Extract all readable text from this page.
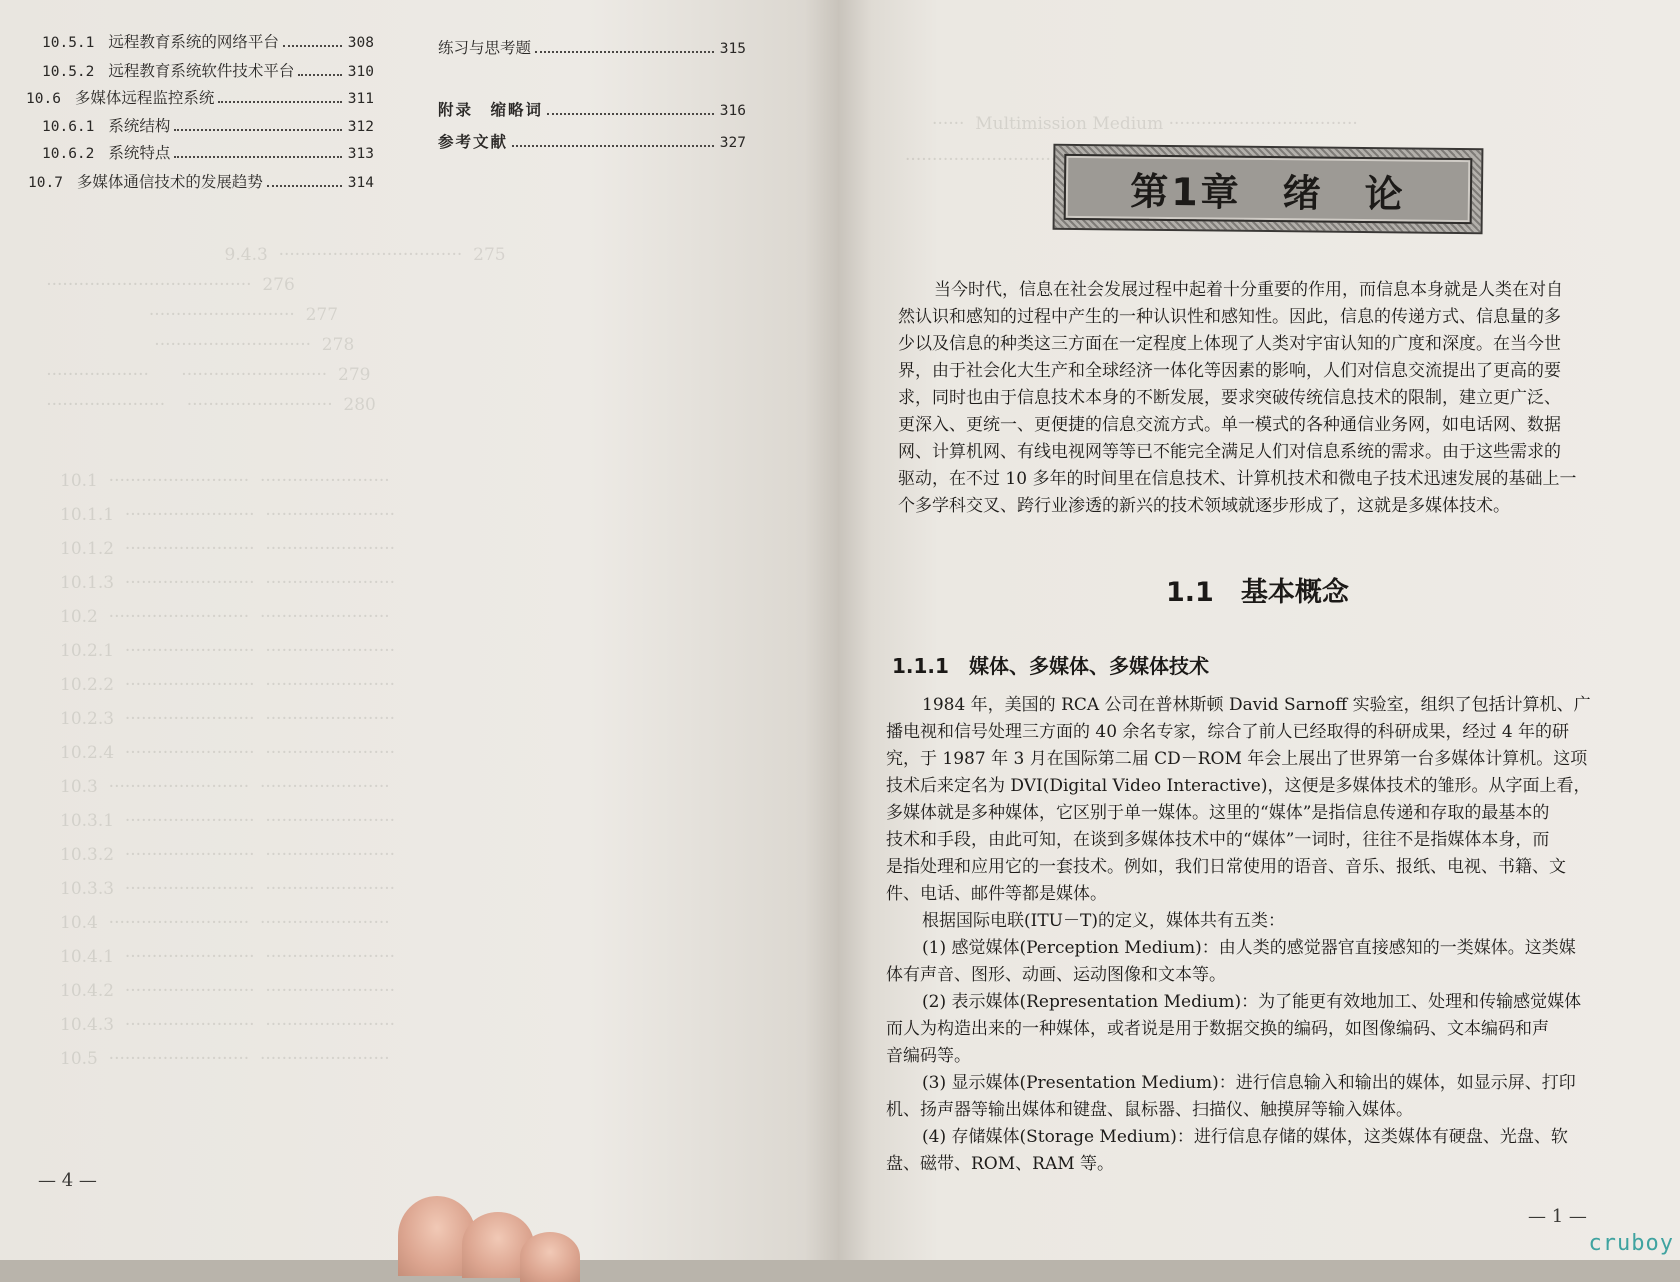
9.4.3  ··································  275
······································  276
···························  277
·····························  278
···················      ···························  279
······················    ···························  280

10.1  ··························  ························
10.1.1  ························  ························
10.1.2  ························  ························
10.1.3  ························  ························
10.2  ··························  ························
10.2.1  ························  ························
10.2.2  ························  ························
10.2.3  ························  ························
10.2.4  ························  ························
10.3  ··························  ························
10.3.1  ························  ························
10.3.2  ························  ························
10.3.3  ························  ························
10.4  ··························  ························
10.4.1  ························  ························
10.4.2  ························  ························
10.4.3  ························  ························
10.5  ··························  ························

10.5.1 远程教育系统的网络平台	308
10.5.2 远程教育系统软件技术平台	310
10.6 多媒体远程监控系统	311
10.6.1 系统结构	312
10.6.2 系统特点	313
10.7 多媒体通信技术的发展趋势	314
练习与思考题	315
附录　缩略词	316
参考文献	327
— 4 —

······  Multimission Medium ···································

第1章　绪　论
当今时代，信息在社会发展过程中起着十分重要的作用，而信息本身就是人类在对自
然认识和感知的过程中产生的一种认识性和感知性。因此，信息的传递方式、信息量的多
少以及信息的种类这三方面在一定程度上体现了人类对宇宙认知的广度和深度。在当今世
界，由于社会化大生产和全球经济一体化等因素的影响，人们对信息交流提出了更高的要
求，同时也由于信息技术本身的不断发展，要求突破传统信息技术的限制，建立更广泛、
更深入、更统一、更便捷的信息交流方式。单一模式的各种通信业务网，如电话网、数据
网、计算机网、有线电视网等等已不能完全满足人们对信息系统的需求。由于这些需求的
驱动，在不过 10 多年的时间里在信息技术、计算机技术和微电子技术迅速发展的基础上一
个多学科交叉、跨行业渗透的新兴的技术领域就逐步形成了，这就是多媒体技术。
1.1　基本概念
1.1.1　媒体、多媒体、多媒体技术
1984 年，美国的 RCA 公司在普林斯顿 David Sarnoff 实验室，组织了包括计算机、广
播电视和信号处理三方面的 40 余名专家，综合了前人已经取得的科研成果，经过 4 年的研
究，于 1987 年 3 月在国际第二届 CD－ROM 年会上展出了世界第一台多媒体计算机。这项
技术后来定名为 DVI(Digital Video Interactive)，这便是多媒体技术的雏形。从字面上看，
多媒体就是多种媒体，它区别于单一媒体。这里的“媒体”是指信息传递和存取的最基本的
技术和手段，由此可知，在谈到多媒体技术中的“媒体”一词时，往往不是指媒体本身，而
是指处理和应用它的一套技术。例如，我们日常使用的语音、音乐、报纸、电视、书籍、文
件、电话、邮件等都是媒体。
根据国际电联(ITU－T)的定义，媒体共有五类：
(1) 感觉媒体(Perception Medium)：由人类的感觉器官直接感知的一类媒体。这类媒
体有声音、图形、动画、运动图像和文本等。
(2) 表示媒体(Representation Medium)：为了能更有效地加工、处理和传输感觉媒体
而人为构造出来的一种媒体，或者说是用于数据交换的编码，如图像编码、文本编码和声
音编码等。
(3) 显示媒体(Presentation Medium)：进行信息输入和输出的媒体，如显示屏、打印
机、扬声器等输出媒体和键盘、鼠标器、扫描仪、触摸屏等输入媒体。
(4) 存储媒体(Storage Medium)：进行信息存储的媒体，这类媒体有硬盘、光盘、软
盘、磁带、ROM、RAM 等。
— 1 —
cruboy
